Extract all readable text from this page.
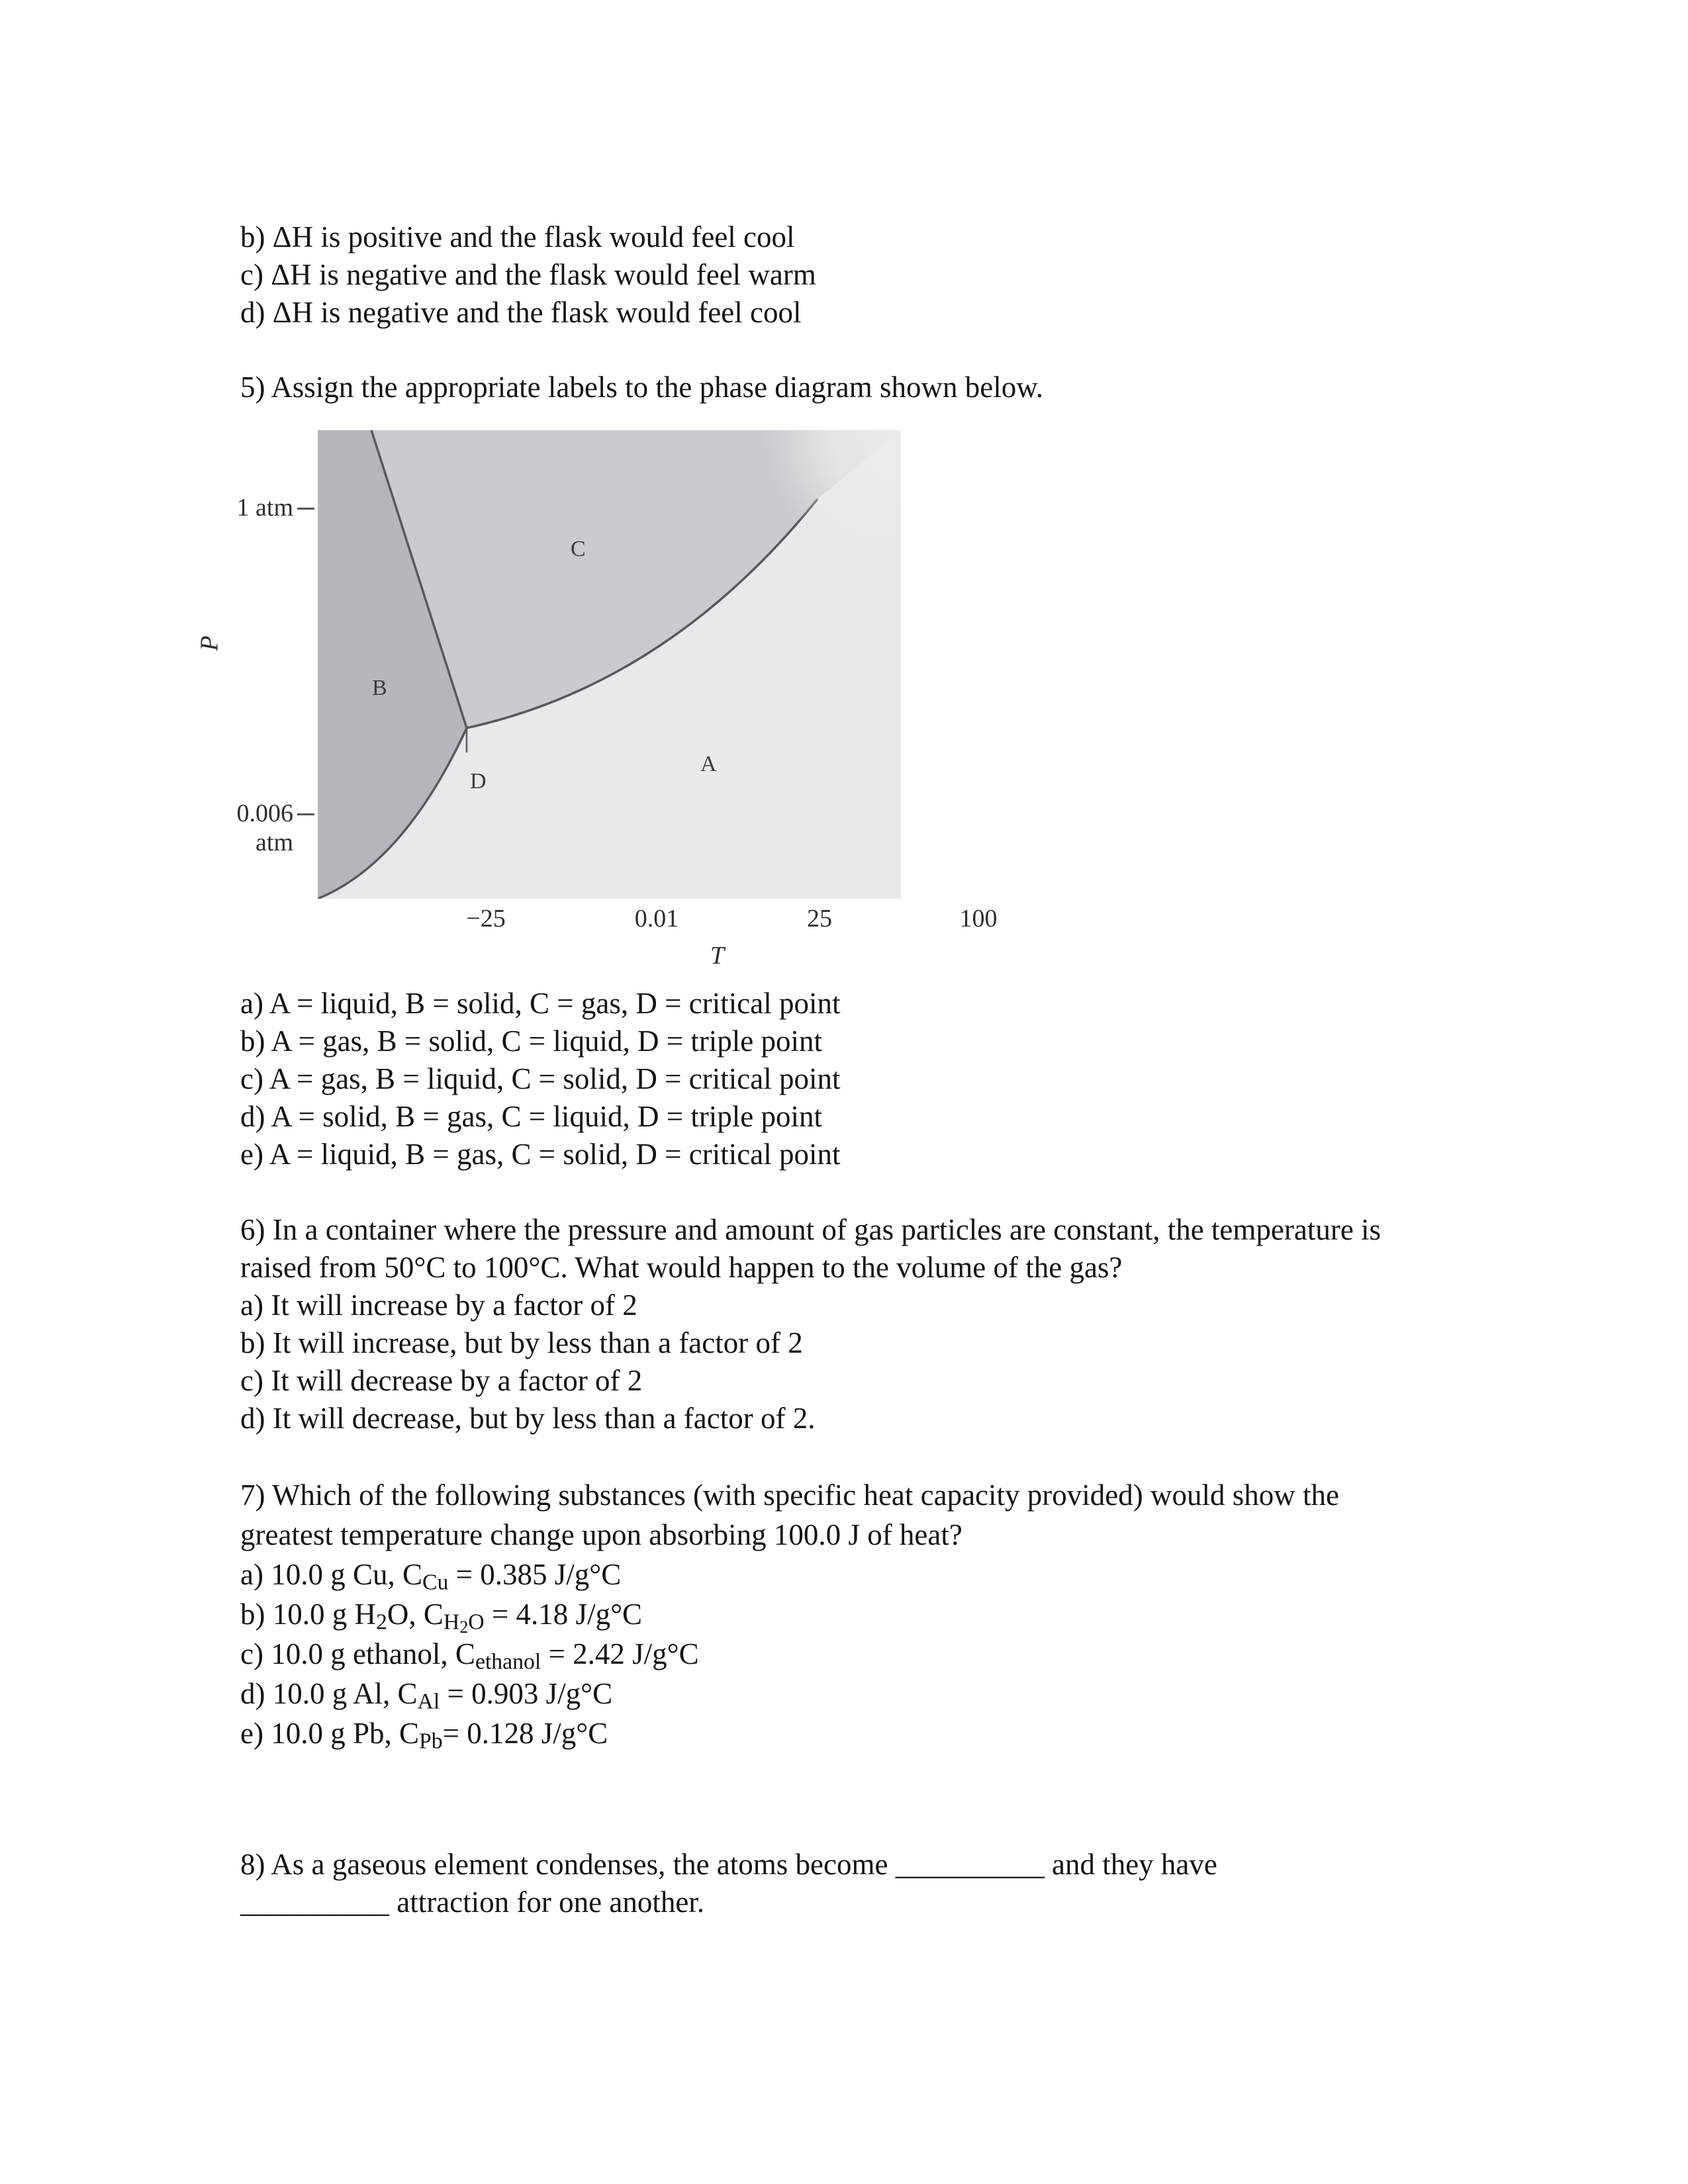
b) ΔH is positive and the flask would feel cool

c) ΔH is negative and the flask would feel warm

d) ΔH is negative and the flask would feel cool

5) Assign the appropriate labels to the phase diagram shown below.

P
1 atm
0.006
atm
C
B
A
D
−25	0.01	25	100
T

a) A = liquid, B = solid, C = gas, D = critical point

b) A = gas, B = solid, C = liquid, D = triple point

c) A = gas, B = liquid, C = solid, D = critical point

d) A = solid, B = gas, C = liquid, D = triple point

e) A = liquid, B = gas, C = solid, D = critical point

6) In a container where the pressure and amount of gas particles are constant, the temperature is

raised from 50°C to 100°C. What would happen to the volume of the gas?

a) It will increase by a factor of 2

b) It will increase, but by less than a factor of 2

c) It will decrease by a factor of 2

d) It will decrease, but by less than a factor of 2.

7) Which of the following substances (with specific heat capacity provided) would show the

greatest temperature change upon absorbing 100.0 J of heat?

a) 10.0 g Cu, CCu = 0.385 J/g°C

b) 10.0 g H2O, $CH_2O = 4.18$ J/g°C

c) 10.0 g ethanol, Cethanol = 2.42 J/g°C

d) 10.0 g Al, CAl = 0.903 J/g°C

e) 10.0 g Pb, CPb= 0.128 J/g°C

8) As a gaseous element condenses, the atoms become __________ and they have

__________ attraction for one another.
